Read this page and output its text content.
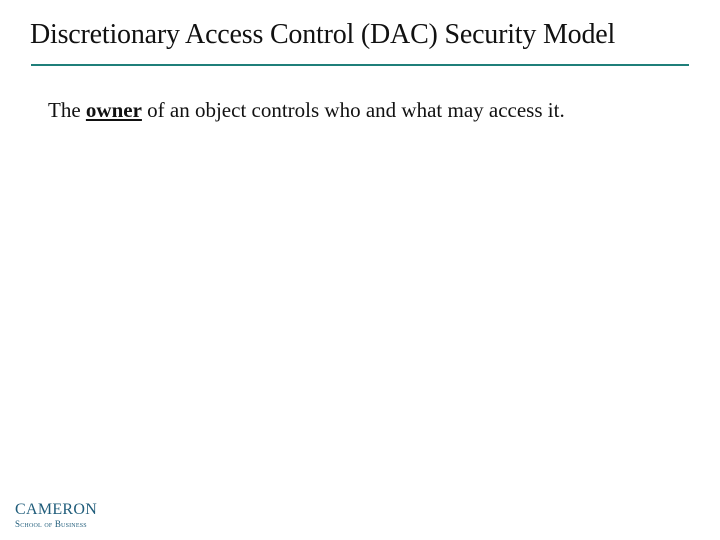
Discretionary Access Control (DAC) Security Model
The owner of an object controls who and what may access it.
CAMERON
School of Business
